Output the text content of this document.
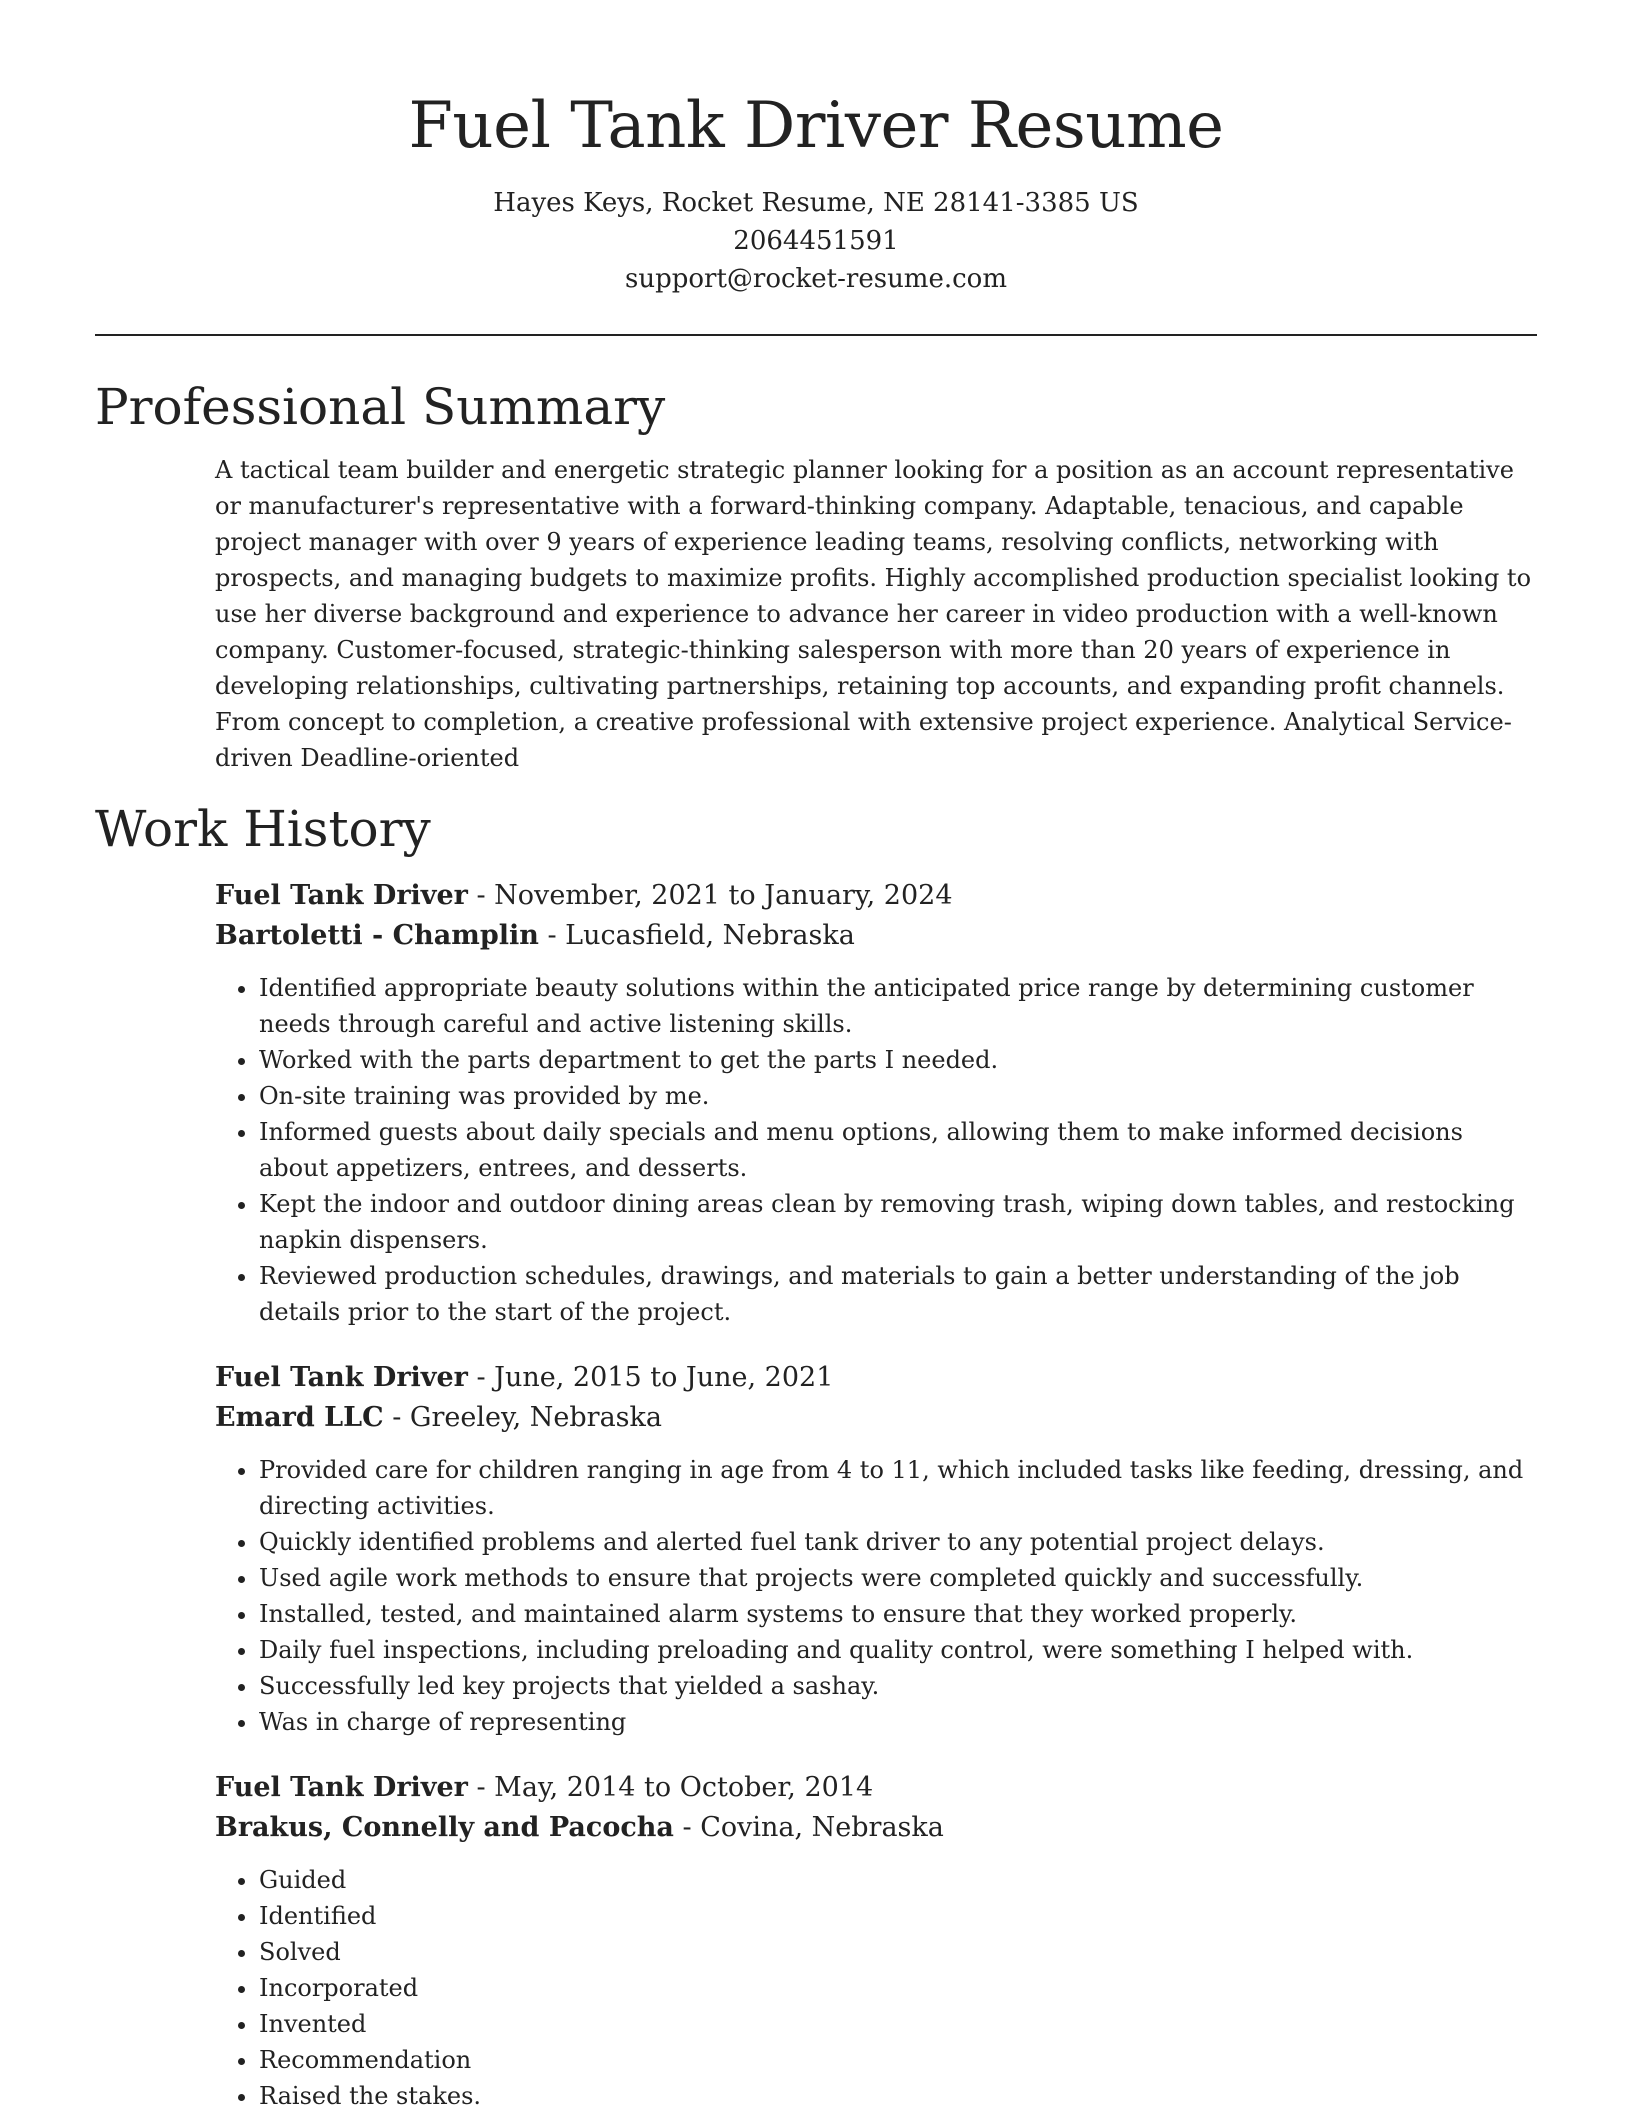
Fuel Tank Driver Resume
Hayes Keys, Rocket Resume, NE 28141-3385 US
2064451591
support@rocket-resume.com
Professional Summary

A tactical team builder and energetic strategic planner looking for a position as an account representative or manufacturer's representative with a forward-thinking company. Adaptable, tenacious, and capable project manager with over 9 years of experience leading teams, resolving conflicts, networking with prospects, and managing budgets to maximize profits. Highly accomplished production specialist looking to use her diverse background and experience to advance her career in video production with a well-known company. Customer-focused, strategic-thinking salesperson with more than 20 years of experience in developing relationships, cultivating partnerships, retaining top accounts, and expanding profit channels. From concept to completion, a creative professional with extensive project experience. Analytical Service-driven Deadline-oriented

Work History
Fuel Tank Driver - November, 2021 to January, 2024
Bartoletti - Champlin - Lucasfield, Nebraska
• Identified appropriate beauty solutions within the anticipated price range by determining customer needs through careful and active listening skills.
• Worked with the parts department to get the parts I needed.
• On-site training was provided by me.
• Informed guests about daily specials and menu options, allowing them to make informed decisions about appetizers, entrees, and desserts.
• Kept the indoor and outdoor dining areas clean by removing trash, wiping down tables, and restocking napkin dispensers.
• Reviewed production schedules, drawings, and materials to gain a better understanding of the job details prior to the start of the project.
Fuel Tank Driver - June, 2015 to June, 2021
Emard LLC - Greeley, Nebraska
• Provided care for children ranging in age from 4 to 11, which included tasks like feeding, dressing, and directing activities.
• Quickly identified problems and alerted fuel tank driver to any potential project delays.
• Used agile work methods to ensure that projects were completed quickly and successfully.
• Installed, tested, and maintained alarm systems to ensure that they worked properly.
• Daily fuel inspections, including preloading and quality control, were something I helped with.
• Successfully led key projects that yielded a sashay.
• Was in charge of representing
Fuel Tank Driver - May, 2014 to October, 2014
Brakus, Connelly and Pacocha - Covina, Nebraska
• Guided
• Identified
• Solved
• Incorporated
• Invented
• Recommendation
• Raised the stakes.
